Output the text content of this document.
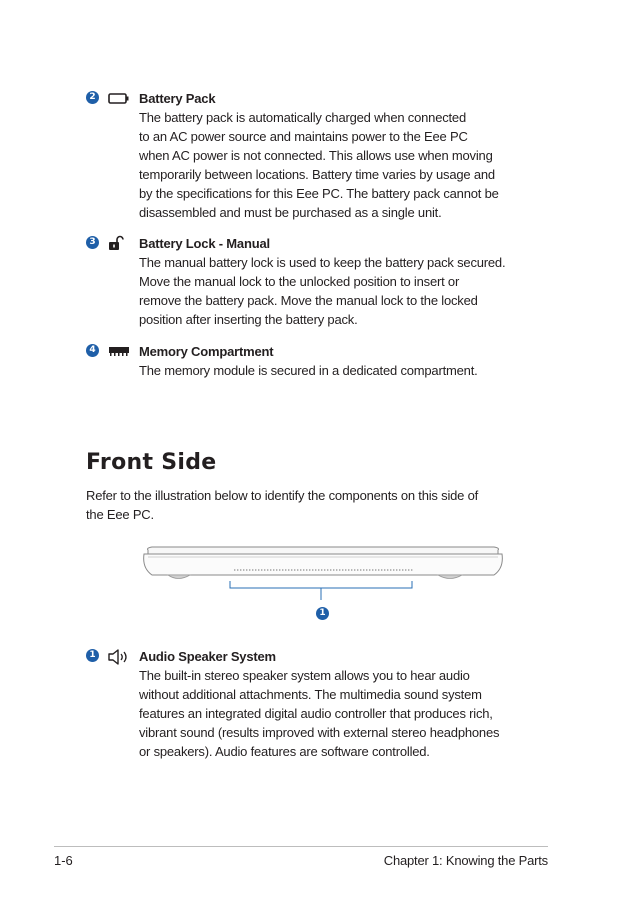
2	Battery Pack

The battery pack is automatically charged when connected

to an AC power source and maintains power to the Eee PC

when AC power is not connected. This allows use when moving

temporarily between locations. Battery time varies by usage and

by the specifications for this Eee PC. The battery pack cannot be

disassembled and must be purchased as a single unit.

3	Battery Lock - Manual

The manual battery lock is used to keep the battery pack secured.

Move the manual lock to the unlocked position to insert or

remove the battery pack. Move the manual lock to the locked

position after inserting the battery pack.

4	Memory Compartment

The memory module is secured in a dedicated compartment.

Front Side

Refer to the illustration below to identify the components on this side of

the Eee PC.

1
1	Audio Speaker System

The built-in stereo speaker system allows you to hear audio

without additional attachments. The multimedia sound system

features an integrated digital audio controller that produces rich,

vibrant sound (results improved with external stereo headphones

or speakers). Audio features are software controlled.

1-6	Chapter 1: Knowing the Parts
